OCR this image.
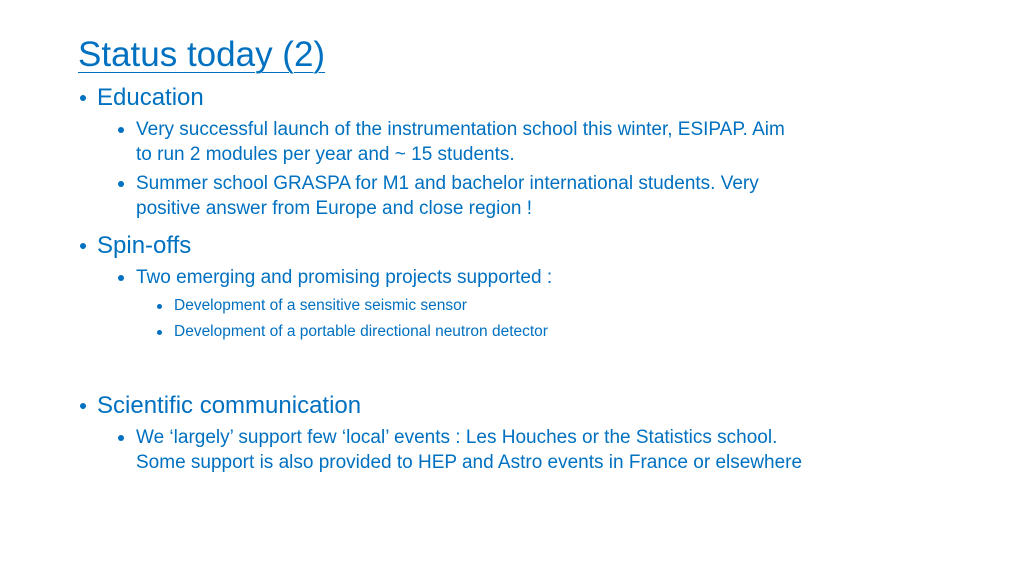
Status today (2)
Education
Very successful launch of the instrumentation school this winter, ESIPAP. Aim
to run 2 modules per year and ~ 15 students.
Summer school GRASPA for M1 and bachelor international students. Very
positive answer from Europe and close region !
Spin-offs
Two emerging and promising projects supported :
Development of a sensitive seismic sensor
Development of a portable directional neutron detector
Scientific communication
We ‘largely’ support few ‘local’ events : Les Houches or the Statistics school.
Some support is also provided to HEP and Astro events in France or elsewhere
